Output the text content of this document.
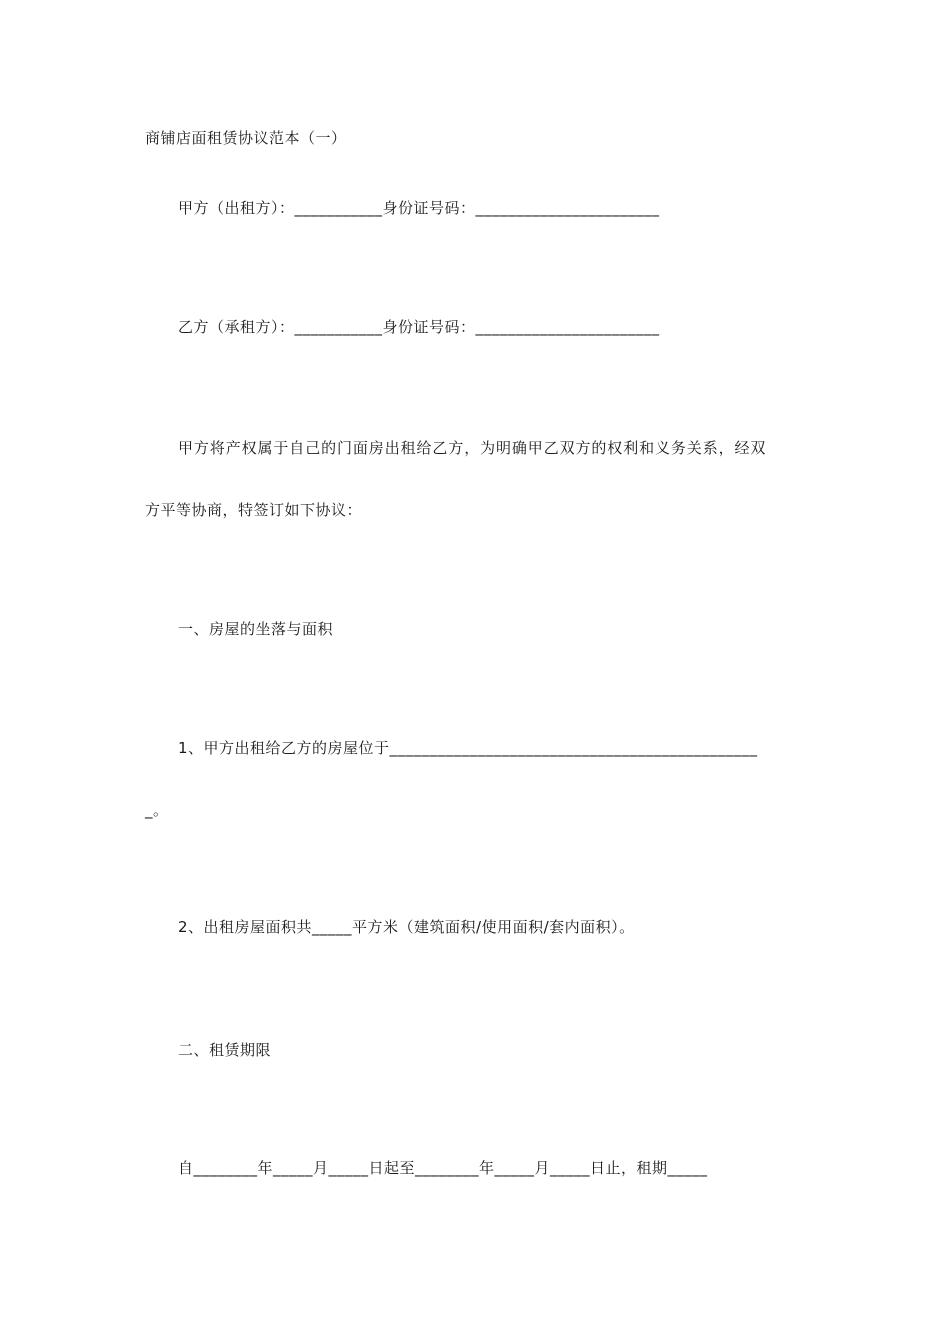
商铺店面租赁协议范本（一）
甲方（出租方）：___________身份证号码：_______________________
乙方（承租方）：___________身份证号码：_______________________
甲方将产权属于自己的门面房出租给乙方，为明确甲乙双方的权利和义务关系，经双
方平等协商，特签订如下协议：
一、房屋的坐落与面积
1、甲方出租给乙方的房屋位于______________________________________________
_。
2、出租房屋面积共_____平方米（建筑面积/使用面积/套内面积）。
二、租赁期限
自________年_____月_____日起至________年_____月_____日止，租期_____
